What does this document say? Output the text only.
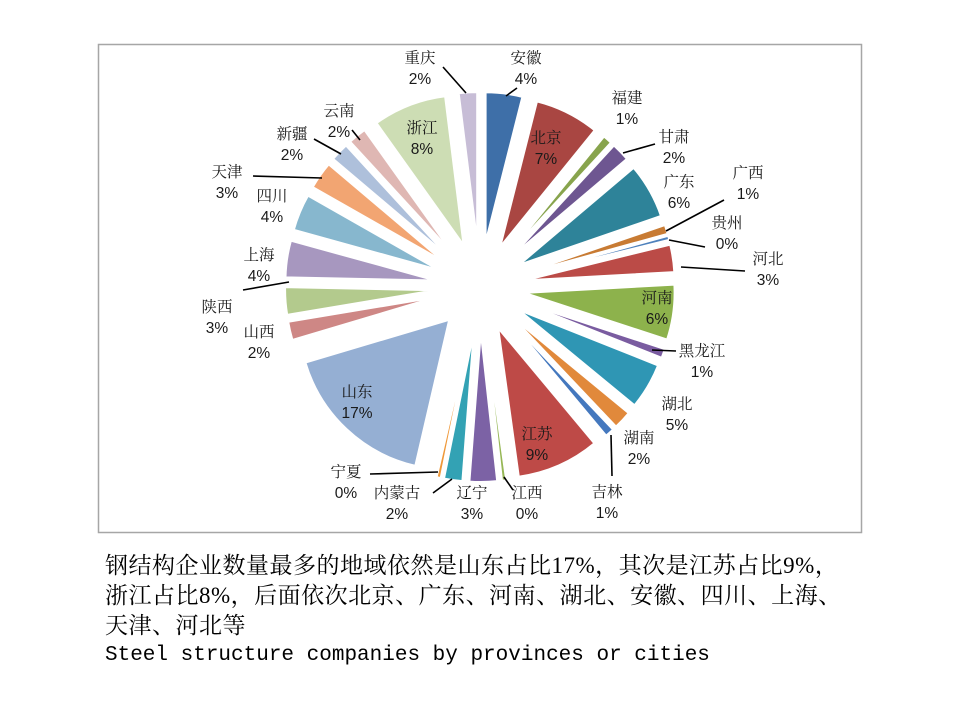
安徽
4%
北京
7%
福建
1%
甘肃
2%
广东
6%
广西
1%
贵州
0%
河北
3%
河南
6%
黑龙江
1%
湖北
5%
湖南
2%
吉林
1%
江苏
9%
江西
0%
辽宁
3%
内蒙古
2%
宁夏
0%
山东
17%
山西
2%
陕西
3%
上海
4%
四川
4%
天津
3%
新疆
2%
云南
2%	浙江
8%
重庆
2%

钢结构企业数量最多的地域依然是山东占比17%，其次是江苏占比9%，

浙江占比8%，后面依次北京、广东、河南、湖北、安徽、四川、上海、

天津、河北等

Steel structure companies by provinces or cities
